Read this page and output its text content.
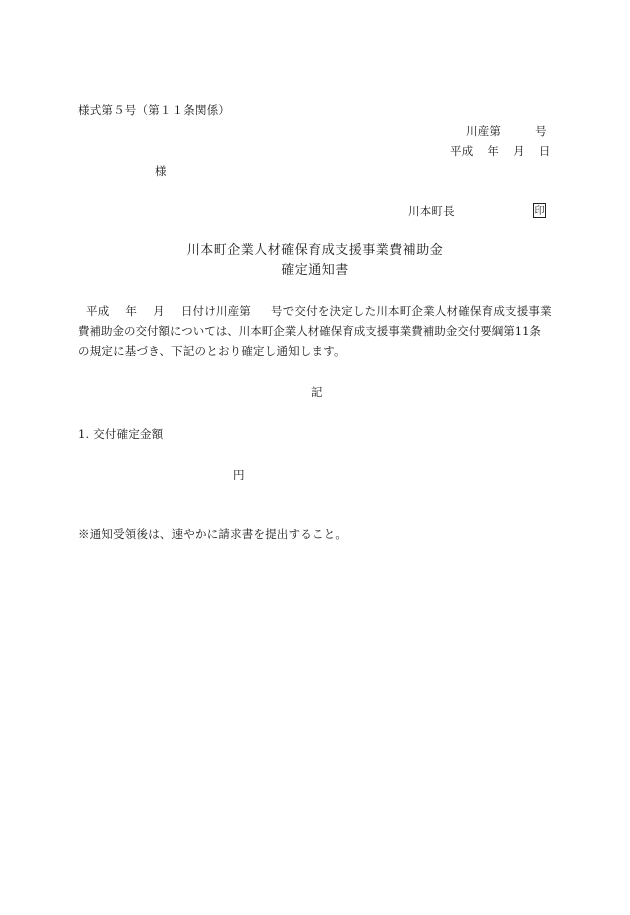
様式第５号（第１１条関係）
川産第	号
平成 年 月 日
様
川本町長	印
川本町企業人材確保育成支援事業費補助金
確定通知書
平成 年 月 日付け川産第 号で交付を決定した川本町企業人材確保育成支援事業
費補助金の交付額については、川本町企業人材確保育成支援事業費補助金交付要綱第11条
の規定に基づき、下記のとおり確定し通知します。
記
1. 交付確定金額
円
※通知受領後は、速やかに請求書を提出すること。
